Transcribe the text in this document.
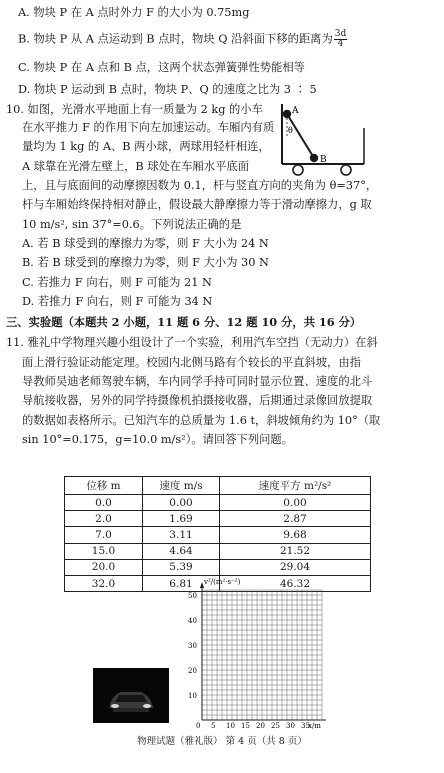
A. 物块 P 在 A 点时外力 F 的大小为 0.75mg
B. 物块 P 从 A 点运动到 B 点时，物块 Q 沿斜面下移的距离为 $\frac{3d}{4}$
C. 物块 P 在 A 点和 B 点，这两个状态弹簧弹性势能相等
D. 物块 P 运动到 B 点时，物块 P、Q 的速度之比为 3 ∶ 5
10. 如图，光滑水平地面上有一质量为 2 kg 的小车
在水平推力 F 的作用下向左加速运动。车厢内有质
量均为 1 kg 的 A、B 两小球，两球用轻杆相连，
A 球靠在光滑左壁上，B 球处在车厢水平底面
上，且与底面间的动摩擦因数为 0.1，杆与竖直方向的夹角为 θ=37°，
杆与车厢始终保持相对静止，假设最大静摩擦力等于滑动摩擦力，g 取
10 m/s², sin 37°=0.6。下列说法正确的是
A. 若 B 球受到的摩擦力为零，则 F 大小为 24 N
B. 若 B 球受到的摩擦力为零，则 F 大小为 30 N
C. 若推力 F 向右，则 F 可能为 21 N
D. 若推力 F 向右，则 F 可能为 34 N
A
θ
B
三、实验题（本题共 2 小题，11 题 6 分、12 题 10 分，共 16 分）
11. 雅礼中学物理兴趣小组设计了一个实验，利用汽车空挡（无动力）在斜
面上滑行验证动能定理。校园内北侧马路有个较长的平直斜坡，由指
导教师吴迪老师驾驶车辆，车内同学手持可同时显示位置、速度的北斗
导航接收器，另外的同学持摄像机拍摄接收器，后期通过录像回放提取
的数据如表格所示。已知汽车的总质量为 1.6 t，斜坡倾角约为 10°（取
sin 10°=0.175，g=10.0 m/s²）。请回答下列问题。
位移 m	速度 m/s	速度平方 m²/s²
0.0	0.00	0.00
2.0	1.69	2.87
7.0	3.11	9.68
15.0	4.64	21.52
20.0	5.39	29.04
32.0	6.81	46.32
v²/(m²·s⁻²)
0	x/m
50
40
30
20
10
5 10 15 20 25 30 35
物理试题（雅礼版） 第 4 页（共 8 页）
